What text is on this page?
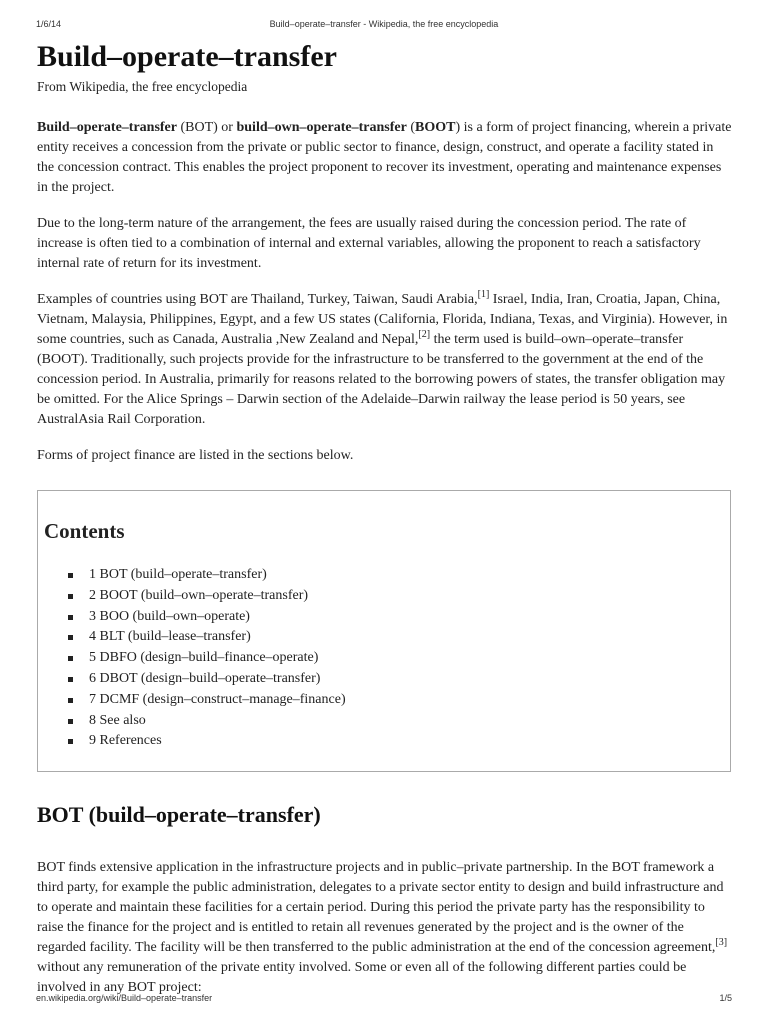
1/6/14	Build–operate–transfer - Wikipedia, the free encyclopedia
Build–operate–transfer

From Wikipedia, the free encyclopedia

Build–operate–transfer (BOT) or build–own–operate–transfer (BOOT) is a form of project financing, wherein a private entity receives a concession from the private or public sector to finance, design, construct, and operate a facility stated in the concession contract. This enables the project proponent to recover its investment, operating and maintenance expenses in the project.

Due to the long-term nature of the arrangement, the fees are usually raised during the concession period. The rate of increase is often tied to a combination of internal and external variables, allowing the proponent to reach a satisfactory internal rate of return for its investment.

Examples of countries using BOT are Thailand, Turkey, Taiwan, Saudi Arabia,[1] Israel, India, Iran, Croatia, Japan, China, Vietnam, Malaysia, Philippines, Egypt, and a few US states (California, Florida, Indiana, Texas, and Virginia). However, in some countries, such as Canada, Australia ,New Zealand and Nepal,[2] the term used is build–own–operate–transfer (BOOT). Traditionally, such projects provide for the infrastructure to be transferred to the government at the end of the concession period. In Australia, primarily for reasons related to the borrowing powers of states, the transfer obligation may be omitted. For the Alice Springs – Darwin section of the Adelaide–Darwin railway the lease period is 50 years, see AustralAsia Rail Corporation.

Forms of project finance are listed in the sections below.

Contents
1 BOT (build–operate–transfer)
2 BOOT (build–own–operate–transfer)
3 BOO (build–own–operate)
4 BLT (build–lease–transfer)
5 DBFO (design–build–finance–operate)
6 DBOT (design–build–operate–transfer)
7 DCMF (design–construct–manage–finance)
8 See also
9 References
BOT (build–operate–transfer)

BOT finds extensive application in the infrastructure projects and in public–private partnership. In the BOT framework a third party, for example the public administration, delegates to a private sector entity to design and build infrastructure and to operate and maintain these facilities for a certain period. During this period the private party has the responsibility to raise the finance for the project and is entitled to retain all revenues generated by the project and is the owner of the regarded facility. The facility will be then transferred to the public administration at the end of the concession agreement,[3] without any remuneration of the private entity involved. Some or even all of the following different parties could be involved in any BOT project:

en.wikipedia.org/wiki/Build–operate–transfer	1/5
